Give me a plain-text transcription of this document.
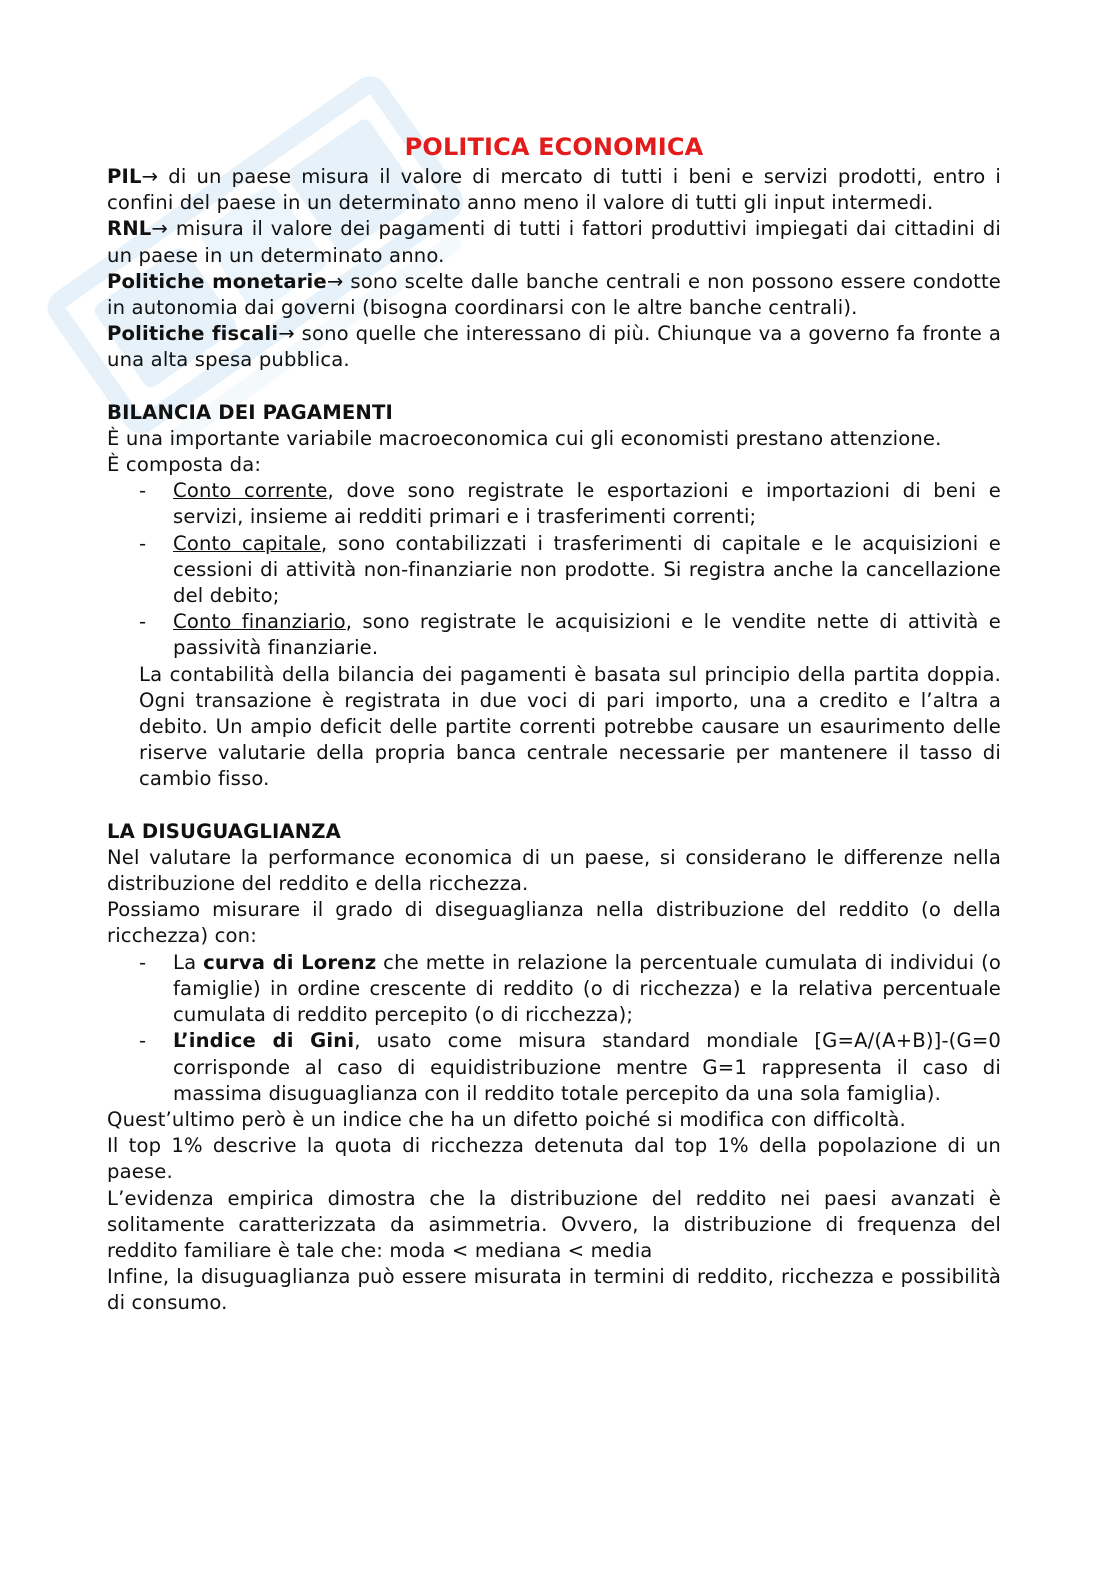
POLITICA ECONOMICA

PIL→ di un paese misura il valore di mercato di tutti i beni e servizi prodotti, entro i confini del paese in un determinato anno meno il valore di tutti gli input intermedi.

RNL→ misura il valore dei pagamenti di tutti i fattori produttivi impiegati dai cittadini di un paese in un determinato anno.

Politiche monetarie→ sono scelte dalle banche centrali e non possono essere condotte in autonomia dai governi (bisogna coordinarsi con le altre banche centrali).

Politiche fiscali→ sono quelle che interessano di più. Chiunque va a governo fa fronte a una alta spesa pubblica.

BILANCIA DEI PAGAMENTI

È una importante variabile macroeconomica cui gli economisti prestano attenzione.

È composta da:

- Conto corrente, dove sono registrate le esportazioni e importazioni di beni e servizi, insieme ai redditi primari e i trasferimenti correnti;
- Conto capitale, sono contabilizzati i trasferimenti di capitale e le acquisizioni e cessioni di attività non-finanziarie non prodotte. Si registra anche la cancellazione del debito;
- Conto finanziario, sono registrate le acquisizioni e le vendite nette di attività e passività finanziarie.

La contabilità della bilancia dei pagamenti è basata sul principio della partita doppia. Ogni transazione è registrata in due voci di pari importo, una a credito e l’altra a debito. Un ampio deficit delle partite correnti potrebbe causare un esaurimento delle riserve valutarie della propria banca centrale necessarie per mantenere il tasso di cambio fisso.

LA DISUGUAGLIANZA

Nel valutare la performance economica di un paese, si considerano le differenze nella distribuzione del reddito e della ricchezza.

Possiamo misurare il grado di diseguaglianza nella distribuzione del reddito (o della ricchezza) con:

- La curva di Lorenz che mette in relazione la percentuale cumulata di individui (o famiglie) in ordine crescente di reddito (o di ricchezza) e la relativa percentuale cumulata di reddito percepito (o di ricchezza);
- L’indice di Gini, usato come misura standard mondiale [G=A/(A+B)]-(G=0 corrisponde al caso di equidistribuzione mentre G=1 rappresenta il caso di massima disuguaglianza con il reddito totale percepito da una sola famiglia).

Quest’ultimo però è un indice che ha un difetto poiché si modifica con difficoltà.

Il top 1% descrive la quota di ricchezza detenuta dal top 1% della popolazione di un paese.

L’evidenza empirica dimostra che la distribuzione del reddito nei paesi avanzati è solitamente caratterizzata da asimmetria. Ovvero, la distribuzione di frequenza del reddito familiare è tale che: moda < mediana < media

Infine, la disuguaglianza può essere misurata in termini di reddito, ricchezza e possibilità di consumo.
